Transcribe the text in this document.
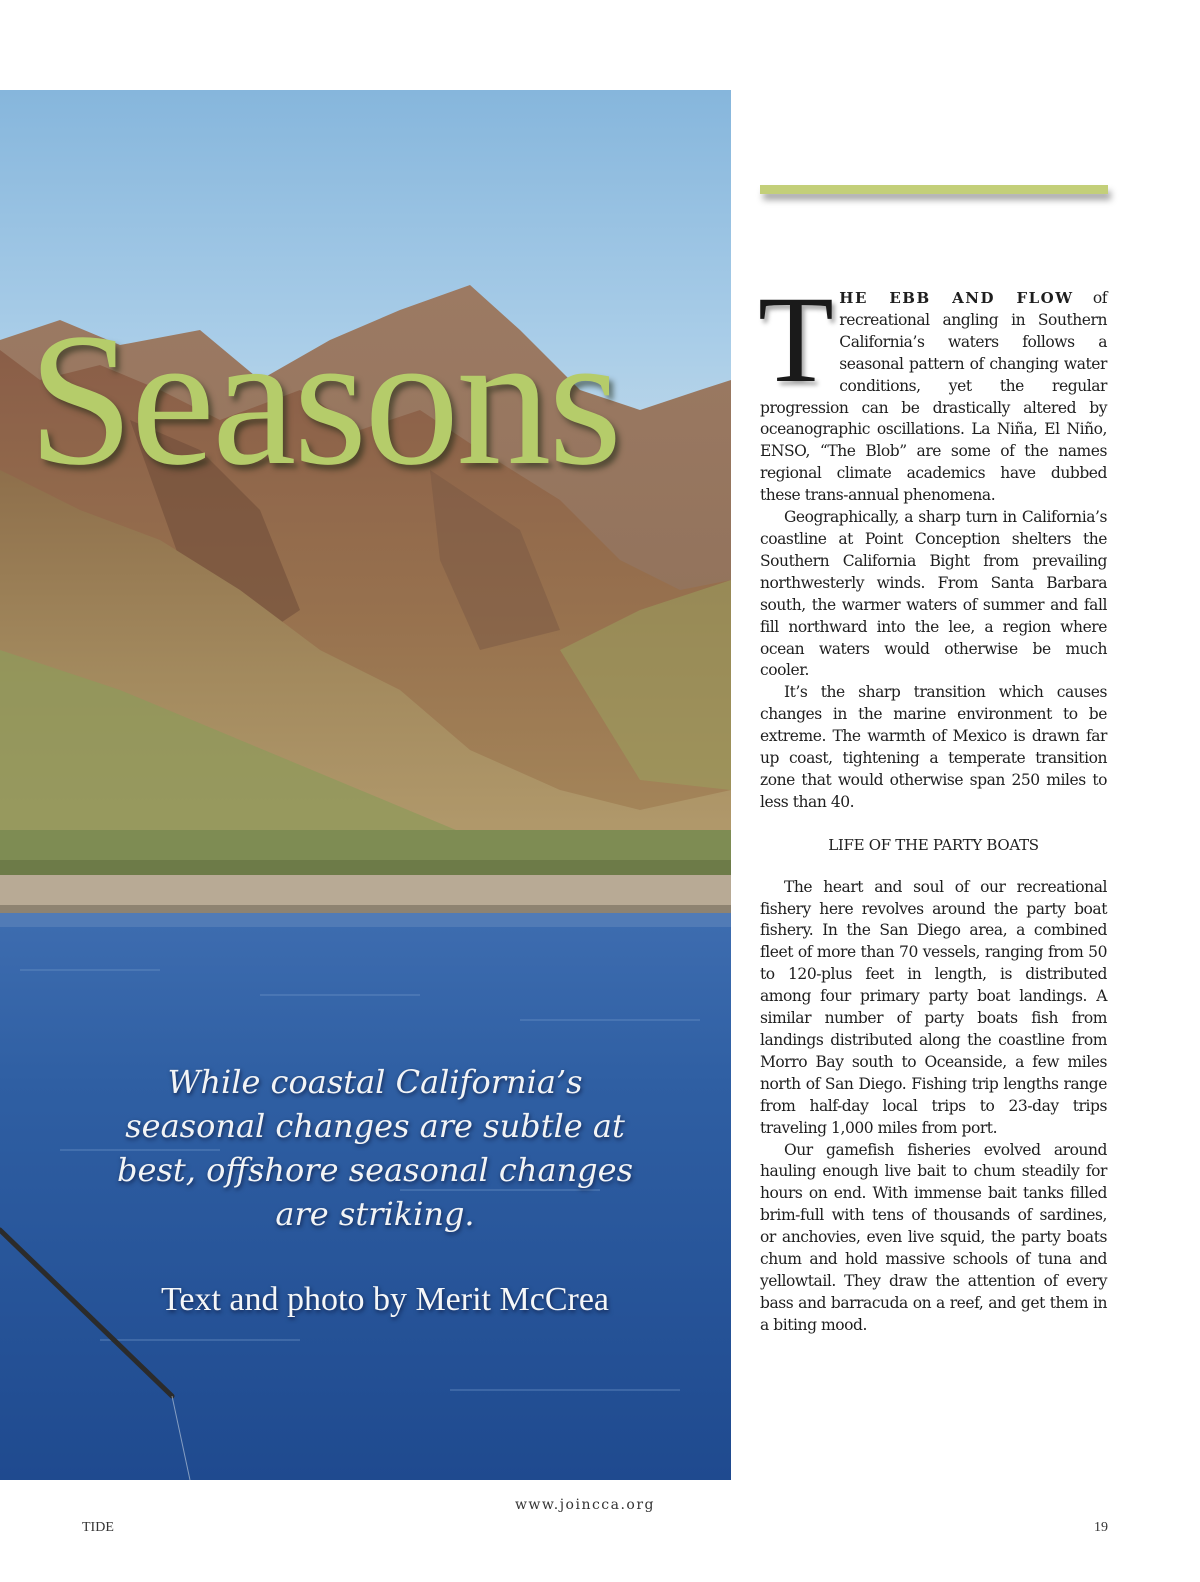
Seasons

While coastal California’s seasonal changes are subtle at best, offshore seasonal changes are striking.

Text and photo by Merit McCrea

THE EBB AND FLOW of recreational angling in Southern California’s waters follows a seasonal pattern of changing water conditions, yet the regular progression can be drastically altered by oceanographic oscillations. La Niña, El Niño, ENSO, “The Blob” are some of the names regional climate academics have dubbed these trans-annual phenomena.

Geographically, a sharp turn in California’s coastline at Point Conception shelters the Southern California Bight from prevailing northwesterly winds. From Santa Barbara south, the warmer waters of summer and fall fill northward into the lee, a region where ocean waters would otherwise be much cooler.

It’s the sharp transition which causes changes in the marine environment to be extreme. The warmth of Mexico is drawn far up coast, tightening a temperate transition zone that would otherwise span 250 miles to less than 40.

LIFE OF THE PARTY BOATS

The heart and soul of our recreational fishery here revolves around the party boat fishery. In the San Diego area, a combined fleet of more than 70 vessels, ranging from 50 to 120-plus feet in length, is distributed among four primary party boat landings. A similar number of party boats fish from landings distributed along the coastline from Morro Bay south to Oceanside, a few miles north of San Diego. Fishing trip lengths range from half-day local trips to 23-day trips traveling 1,000 miles from port.

Our gamefish fisheries evolved around hauling enough live bait to chum steadily for hours on end. With immense bait tanks filled brim-full with tens of thousands of sardines, or anchovies, even live squid, the party boats chum and hold massive schools of tuna and yellowtail. They draw the attention of every bass and barracuda on a reef, and get them in a biting mood.

www.joincca.org
TIDE	19
